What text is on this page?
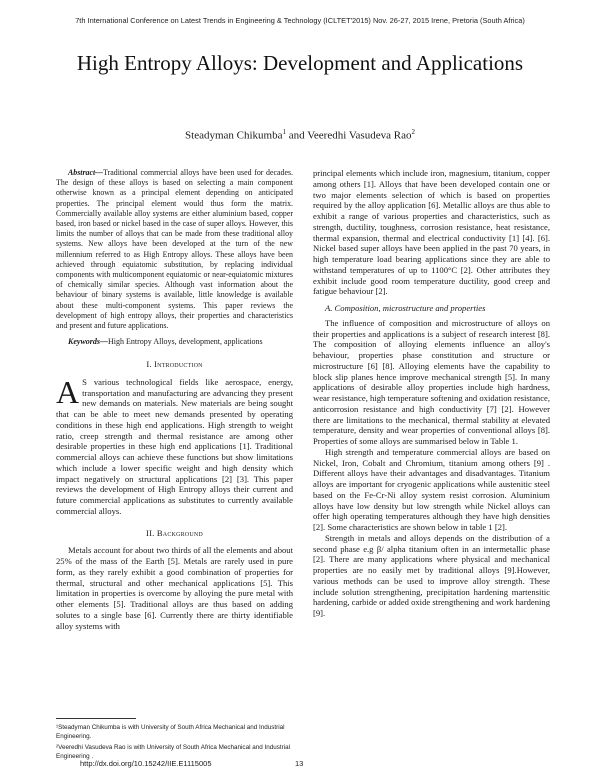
7th International Conference on Latest Trends in Engineering & Technology (ICLTET'2015) Nov. 26-27, 2015 Irene, Pretoria (South Africa)
High Entropy Alloys: Development and Applications
Steadyman Chikumba$^1$ and Veeredhi Vasudeva Rao$^2$

Abstract—Traditional commercial alloys have been used for decades. The design of these alloys is based on selecting a main component otherwise known as a principal element depending on anticipated properties. The principal element would thus form the matrix. Commercially available alloy systems are either aluminium based, copper based, iron based or nickel based in the case of super alloys. However, this limits the number of alloys that can be made from these traditional alloy systems. New alloys have been developed at the turn of the new millennium referred to as High Entropy alloys. These alloys have been achieved through equiatomic substitution, by replacing individual components with multicomponent equiatomic or near-equiatomic mixtures of chemically similar species. Although vast information about the behaviour of binary systems is available, little knowledge is available about these multi-component systems. This paper reviews the development of high entropy alloys, their properties and characteristics and present and future applications.

Keywords—High Entropy Alloys, development, applications

I. Introduction

A S various technological fields like aerospace, energy, transportation and manufacturing are advancing they present new demands on materials. New materials are being sought that can be able to meet new demands presented by operating conditions in these high end applications. High strength to weight ratio, creep strength and thermal resistance are among other desirable properties in these high end applications [1]. Traditional commercial alloys can achieve these functions but show limitations which include a lower specific weight and high density which impact negatively on structural applications [2] [3]. This paper reviews the development of High Entropy alloys their current and future commercial applications as substitutes to currently available commercial alloys.

II. Background

Metals account for about two thirds of all the elements and about 25% of the mass of the Earth [5]. Metals are rarely used in pure form, as they rarely exhibit a good combination of properties for thermal, structural and other mechanical applications [5]. This limitation in properties is overcome by alloying the pure metal with other elements [5]. Traditional alloys are thus based on adding solutes to a single base [6]. Currently there are thirty identifiable alloy systems with

principal elements which include iron, magnesium, titanium, copper among others [1]. Alloys that have been developed contain one or two major elements selection of which is based on properties required by the alloy application [6]. Metallic alloys are thus able to exhibit a range of various properties and characteristics, such as strength, ductility, toughness, corrosion resistance, heat resistance, thermal expansion, thermal and electrical conductivity [1] [4]. [6]. Nickel based super alloys have been applied in the past 70 years, in high temperature load bearing applications since they are able to withstand temperatures of up to 1100°C [2]. Other attributes they exhibit include good room temperature ductility, good creep and fatigue behaviour [2].

A. Composition, microstructure and properties

The influence of composition and microstructure of alloys on their properties and applications is a subject of research interest [8]. The composition of alloying elements influence an alloy's behaviour, properties phase constitution and structure or microstructure [6] [8]. Alloying elements have the capability to block slip planes hence improve mechanical strength [5]. In many applications of desirable alloy properties include high hardness, wear resistance, high temperature softening and oxidation resistance, anticorrosion resistance and high conductivity [7] [2]. However there are limitations to the mechanical, thermal stability at elevated temperature, density and wear properties of conventional alloys [8]. Properties of some alloys are summarised below in Table 1.

High strength and temperature commercial alloys are based on Nickel, Iron, Cobalt and Chromium, titanium among others [9] . Different alloys have their advantages and disadvantages. Titanium alloys are important for cryogenic applications while austenitic steel based on the Fe-Cr-Ni alloy system resist corrosion. Aluminium alloys have low density but low strength while Nickel alloys can offer high operating temperatures although they have high densities [2]. Some characteristics are shown below in table 1 [2].

Strength in metals and alloys depends on the distribution of a second phase e.g β/ alpha titanium often in an intermetallic phase [2]. There are many applications where physical and mechanical properties are no easily met by traditional alloys [9].However, various methods can be used to improve alloy strength. These include solution strengthening, precipitation hardening martensitic hardening, carbide or added oxide strengthening and work hardening [9].

¹Steadyman Chikumba is with University of South Africa Mechanical and Industrial Engineering.

²Veeredhi Vasudeva Rao is with University of South Africa Mechanical and Industrial Engineering .

http://dx.doi.org/10.15242/IIE.E1115005	13
